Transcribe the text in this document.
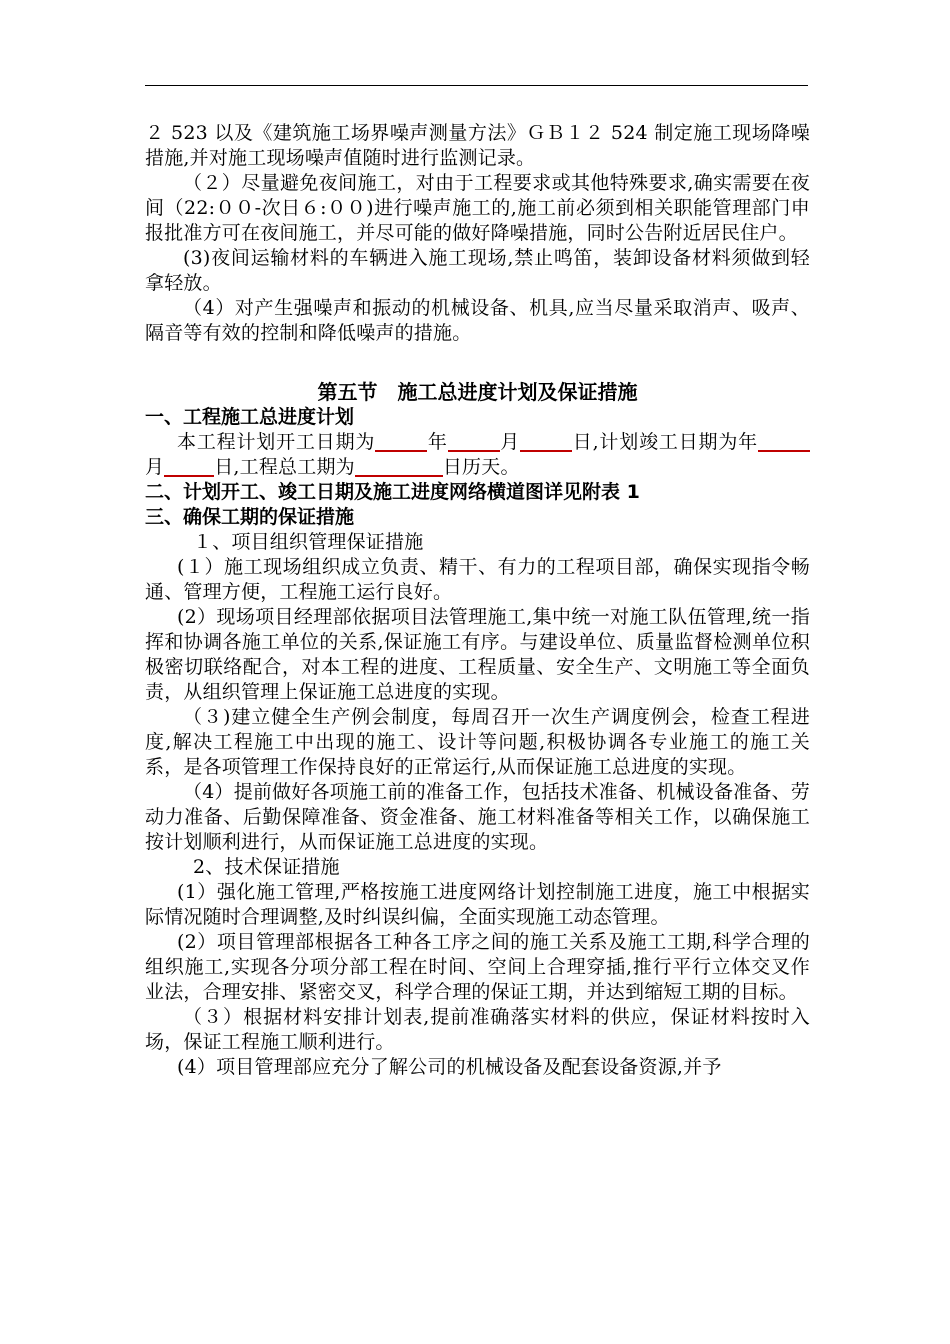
２ 523 以及《建筑施工场界噪声测量方法》ＧＢ１２ 524 制定施工现场降噪措施,并对施工现场噪声值随时进行监测记录。

（２）尽量避免夜间施工，对由于工程要求或其他特殊要求,确实需要在夜间（22:００-次日６:００)进行噪声施工的,施工前必须到相关职能管理部门申报批准方可在夜间施工，并尽可能的做好降噪措施，同时公告附近居民住户。

(3)夜间运输材料的车辆进入施工现场,禁止鸣笛，装卸设备材料须做到轻拿轻放。

（4）对产生强噪声和振动的机械设备、机具,应当尽量采取消声、吸声、隔音等有效的控制和降低噪声的措施。

第五节　施工总进度计划及保证措施
一、工程施工总进度计划

本工程计划开工日期为	年	月	日,计划竣工日期为年月	日,工程总工期为	日历天。

二、计划开工、竣工日期及施工进度网络横道图详见附表 1
三、确保工期的保证措施

１、项目组织管理保证措施

(１）施工现场组织成立负责、精干、有力的工程项目部，确保实现指令畅通、管理方便，工程施工运行良好。

(2）现场项目经理部依据项目法管理施工,集中统一对施工队伍管理,统一指挥和协调各施工单位的关系,保证施工有序。与建设单位、质量监督检测单位积极密切联络配合，对本工程的进度、工程质量、安全生产、文明施工等全面负责，从组织管理上保证施工总进度的实现。

（３)建立健全生产例会制度，每周召开一次生产调度例会，检查工程进度,解决工程施工中出现的施工、设计等问题,积极协调各专业施工的施工关系，是各项管理工作保持良好的正常运行,从而保证施工总进度的实现。

（4）提前做好各项施工前的准备工作，包括技术准备、机械设备准备、劳动力准备、后勤保障准备、资金准备、施工材料准备等相关工作，以确保施工按计划顺利进行，从而保证施工总进度的实现。

2、技术保证措施

(1）强化施工管理,严格按施工进度网络计划控制施工进度，施工中根据实际情况随时合理调整,及时纠误纠偏，全面实现施工动态管理。

(2）项目管理部根据各工种各工序之间的施工关系及施工工期,科学合理的组织施工,实现各分项分部工程在时间、空间上合理穿插,推行平行立体交叉作业法，合理安排、紧密交叉，科学合理的保证工期，并达到缩短工期的目标。

（３）根据材料安排计划表,提前准确落实材料的供应，保证材料按时入场，保证工程施工顺利进行。

(4）项目管理部应充分了解公司的机械设备及配套设备资源,并予
